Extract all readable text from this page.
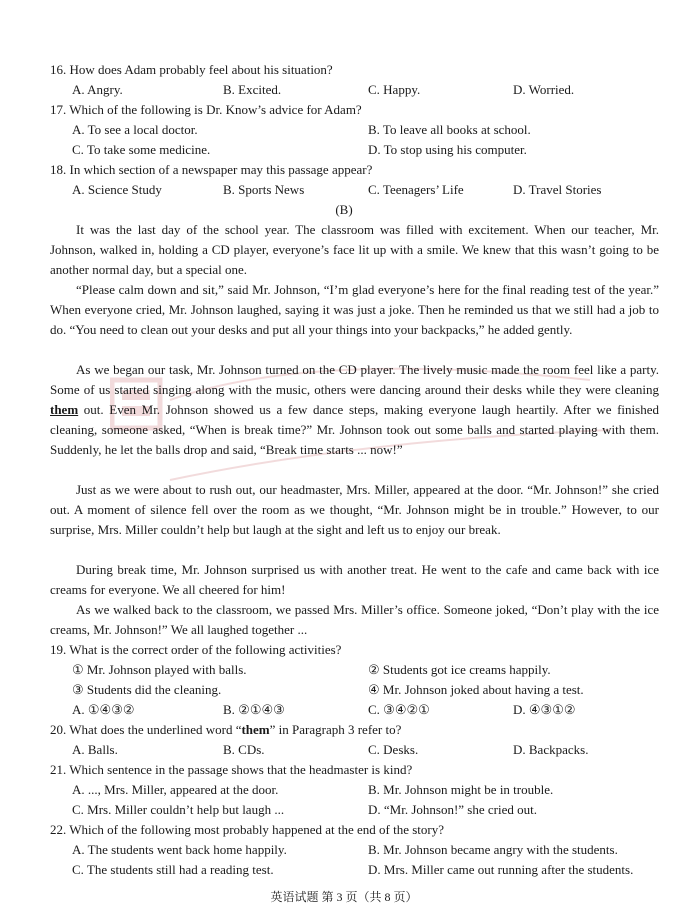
16. How does Adam probably feel about his situation?
A. Angry.	B. Excited.	C. Happy.	D. Worried.
17. Which of the following is Dr. Know’s advice for Adam?
A. To see a local doctor.	B. To leave all books at school.
C. To take some medicine.	D. To stop using his computer.
18. In which section of a newspaper may this passage appear?
A. Science Study	B. Sports News	C. Teenagers’ Life	D. Travel Stories
(B)
It was the last day of the school year. The classroom was filled with excitement. When our teacher, Mr. Johnson, walked in, holding a CD player, everyone’s face lit up with a smile. We knew that this wasn’t going to be another normal day, but a special one.
“Please calm down and sit,” said Mr. Johnson, “I’m glad everyone’s here for the final reading test of the year.” When everyone cried, Mr. Johnson laughed, saying it was just a joke. Then he reminded us that we still had a job to do. “You need to clean out your desks and put all your things into your backpacks,” he added gently.
As we began our task, Mr. Johnson turned on the CD player. The lively music made the room feel like a party. Some of us started singing along with the music, others were dancing around their desks while they were cleaning them out. Even Mr. Johnson showed us a few dance steps, making everyone laugh heartily. After we finished cleaning, someone asked, “When is break time?” Mr. Johnson took out some balls and started playing with them. Suddenly, he let the balls drop and said, “Break time starts ... now!”
Just as we were about to rush out, our headmaster, Mrs. Miller, appeared at the door. “Mr. Johnson!” she cried out. A moment of silence fell over the room as we thought, “Mr. Johnson might be in trouble.” However, to our surprise, Mrs. Miller couldn’t help but laugh at the sight and left us to enjoy our break.
During break time, Mr. Johnson surprised us with another treat. He went to the cafe and came back with ice creams for everyone. We all cheered for him!
As we walked back to the classroom, we passed Mrs. Miller’s office. Someone joked, “Don’t play with the ice creams, Mr. Johnson!” We all laughed together ...
19. What is the correct order of the following activities?
① Mr. Johnson played with balls.	② Students got ice creams happily.
③ Students did the cleaning.	④ Mr. Johnson joked about having a test.
A. ①④③②	B. ②①④③	C. ③④②①	D. ④③①②
20. What does the underlined word “them” in Paragraph 3 refer to?
A. Balls.	B. CDs.	C. Desks.	D. Backpacks.
21. Which sentence in the passage shows that the headmaster is kind?
A. ..., Mrs. Miller, appeared at the door.	B. Mr. Johnson might be in trouble.
C. Mrs. Miller couldn’t help but laugh ...	D. “Mr. Johnson!” she cried out.
22. Which of the following most probably happened at the end of the story?
A. The students went back home happily.	B. Mr. Johnson became angry with the students.
C. The students still had a reading test.	D. Mrs. Miller came out running after the students.
英语试题 第 3 页（共 8 页）
